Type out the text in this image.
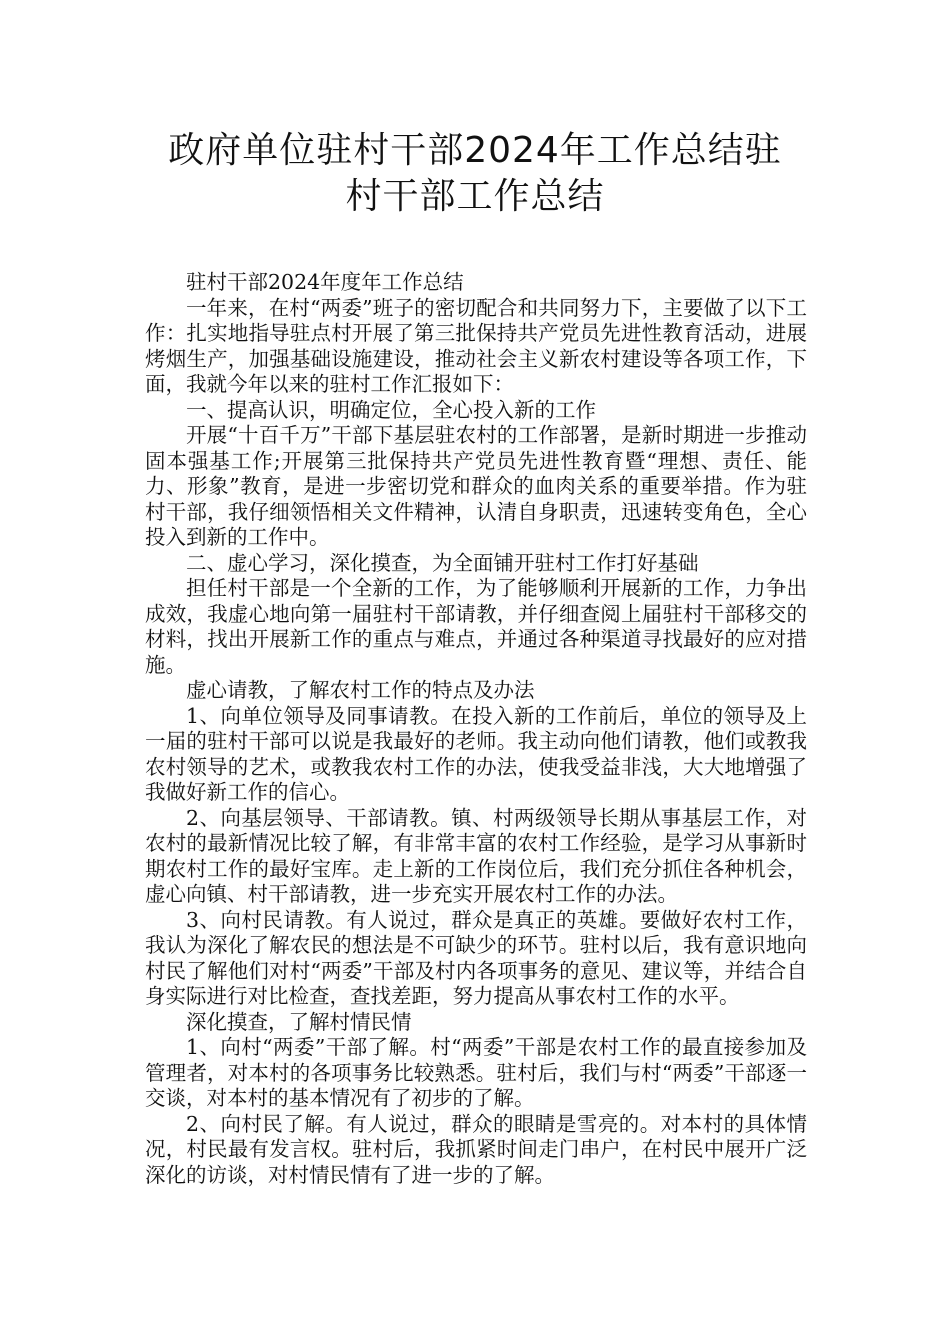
政府单位驻村干部2024年工作总结驻
村干部工作总结

驻村干部2024年度年工作总结

一年来，在村“两委”班子的密切配合和共同努力下，主要做了以下工作：扎实地指导驻点村开展了第三批保持共产党员先进性教育活动，进展烤烟生产，加强基础设施建设，推动社会主义新农村建设等各项工作，下面，我就今年以来的驻村工作汇报如下：

一、提高认识，明确定位，全心投入新的工作

开展“十百千万”干部下基层驻农村的工作部署，是新时期进一步推动固本强基工作;开展第三批保持共产党员先进性教育暨“理想、责任、能力、形象”教育，是进一步密切党和群众的血肉关系的重要举措。作为驻村干部，我仔细领悟相关文件精神，认清自身职责，迅速转变角色，全心投入到新的工作中。

二、虚心学习，深化摸查，为全面铺开驻村工作打好基础

担任村干部是一个全新的工作，为了能够顺利开展新的工作，力争出成效，我虚心地向第一届驻村干部请教，并仔细查阅上届驻村干部移交的材料，找出开展新工作的重点与难点，并通过各种渠道寻找最好的应对措施。

虚心请教，了解农村工作的特点及办法

1、向单位领导及同事请教。在投入新的工作前后，单位的领导及上一届的驻村干部可以说是我最好的老师。我主动向他们请教，他们或教我农村领导的艺术，或教我农村工作的办法，使我受益非浅，大大地增强了我做好新工作的信心。

2、向基层领导、干部请教。镇、村两级领导长期从事基层工作，对农村的最新情况比较了解，有非常丰富的农村工作经验，是学习从事新时期农村工作的最好宝库。走上新的工作岗位后，我们充分抓住各种机会，虚心向镇、村干部请教，进一步充实开展农村工作的办法。

3、向村民请教。有人说过，群众是真正的英雄。要做好农村工作，我认为深化了解农民的想法是不可缺少的环节。驻村以后，我有意识地向村民了解他们对村“两委”干部及村内各项事务的意见、建议等，并结合自身实际进行对比检查，查找差距，努力提高从事农村工作的水平。

深化摸查，了解村情民情

1、向村“两委”干部了解。村“两委”干部是农村工作的最直接参加及管理者，对本村的各项事务比较熟悉。驻村后，我们与村“两委”干部逐一交谈，对本村的基本情况有了初步的了解。

2、向村民了解。有人说过，群众的眼睛是雪亮的。对本村的具体情况，村民最有发言权。驻村后，我抓紧时间走门串户，在村民中展开广泛深化的访谈，对村情民情有了进一步的了解。
